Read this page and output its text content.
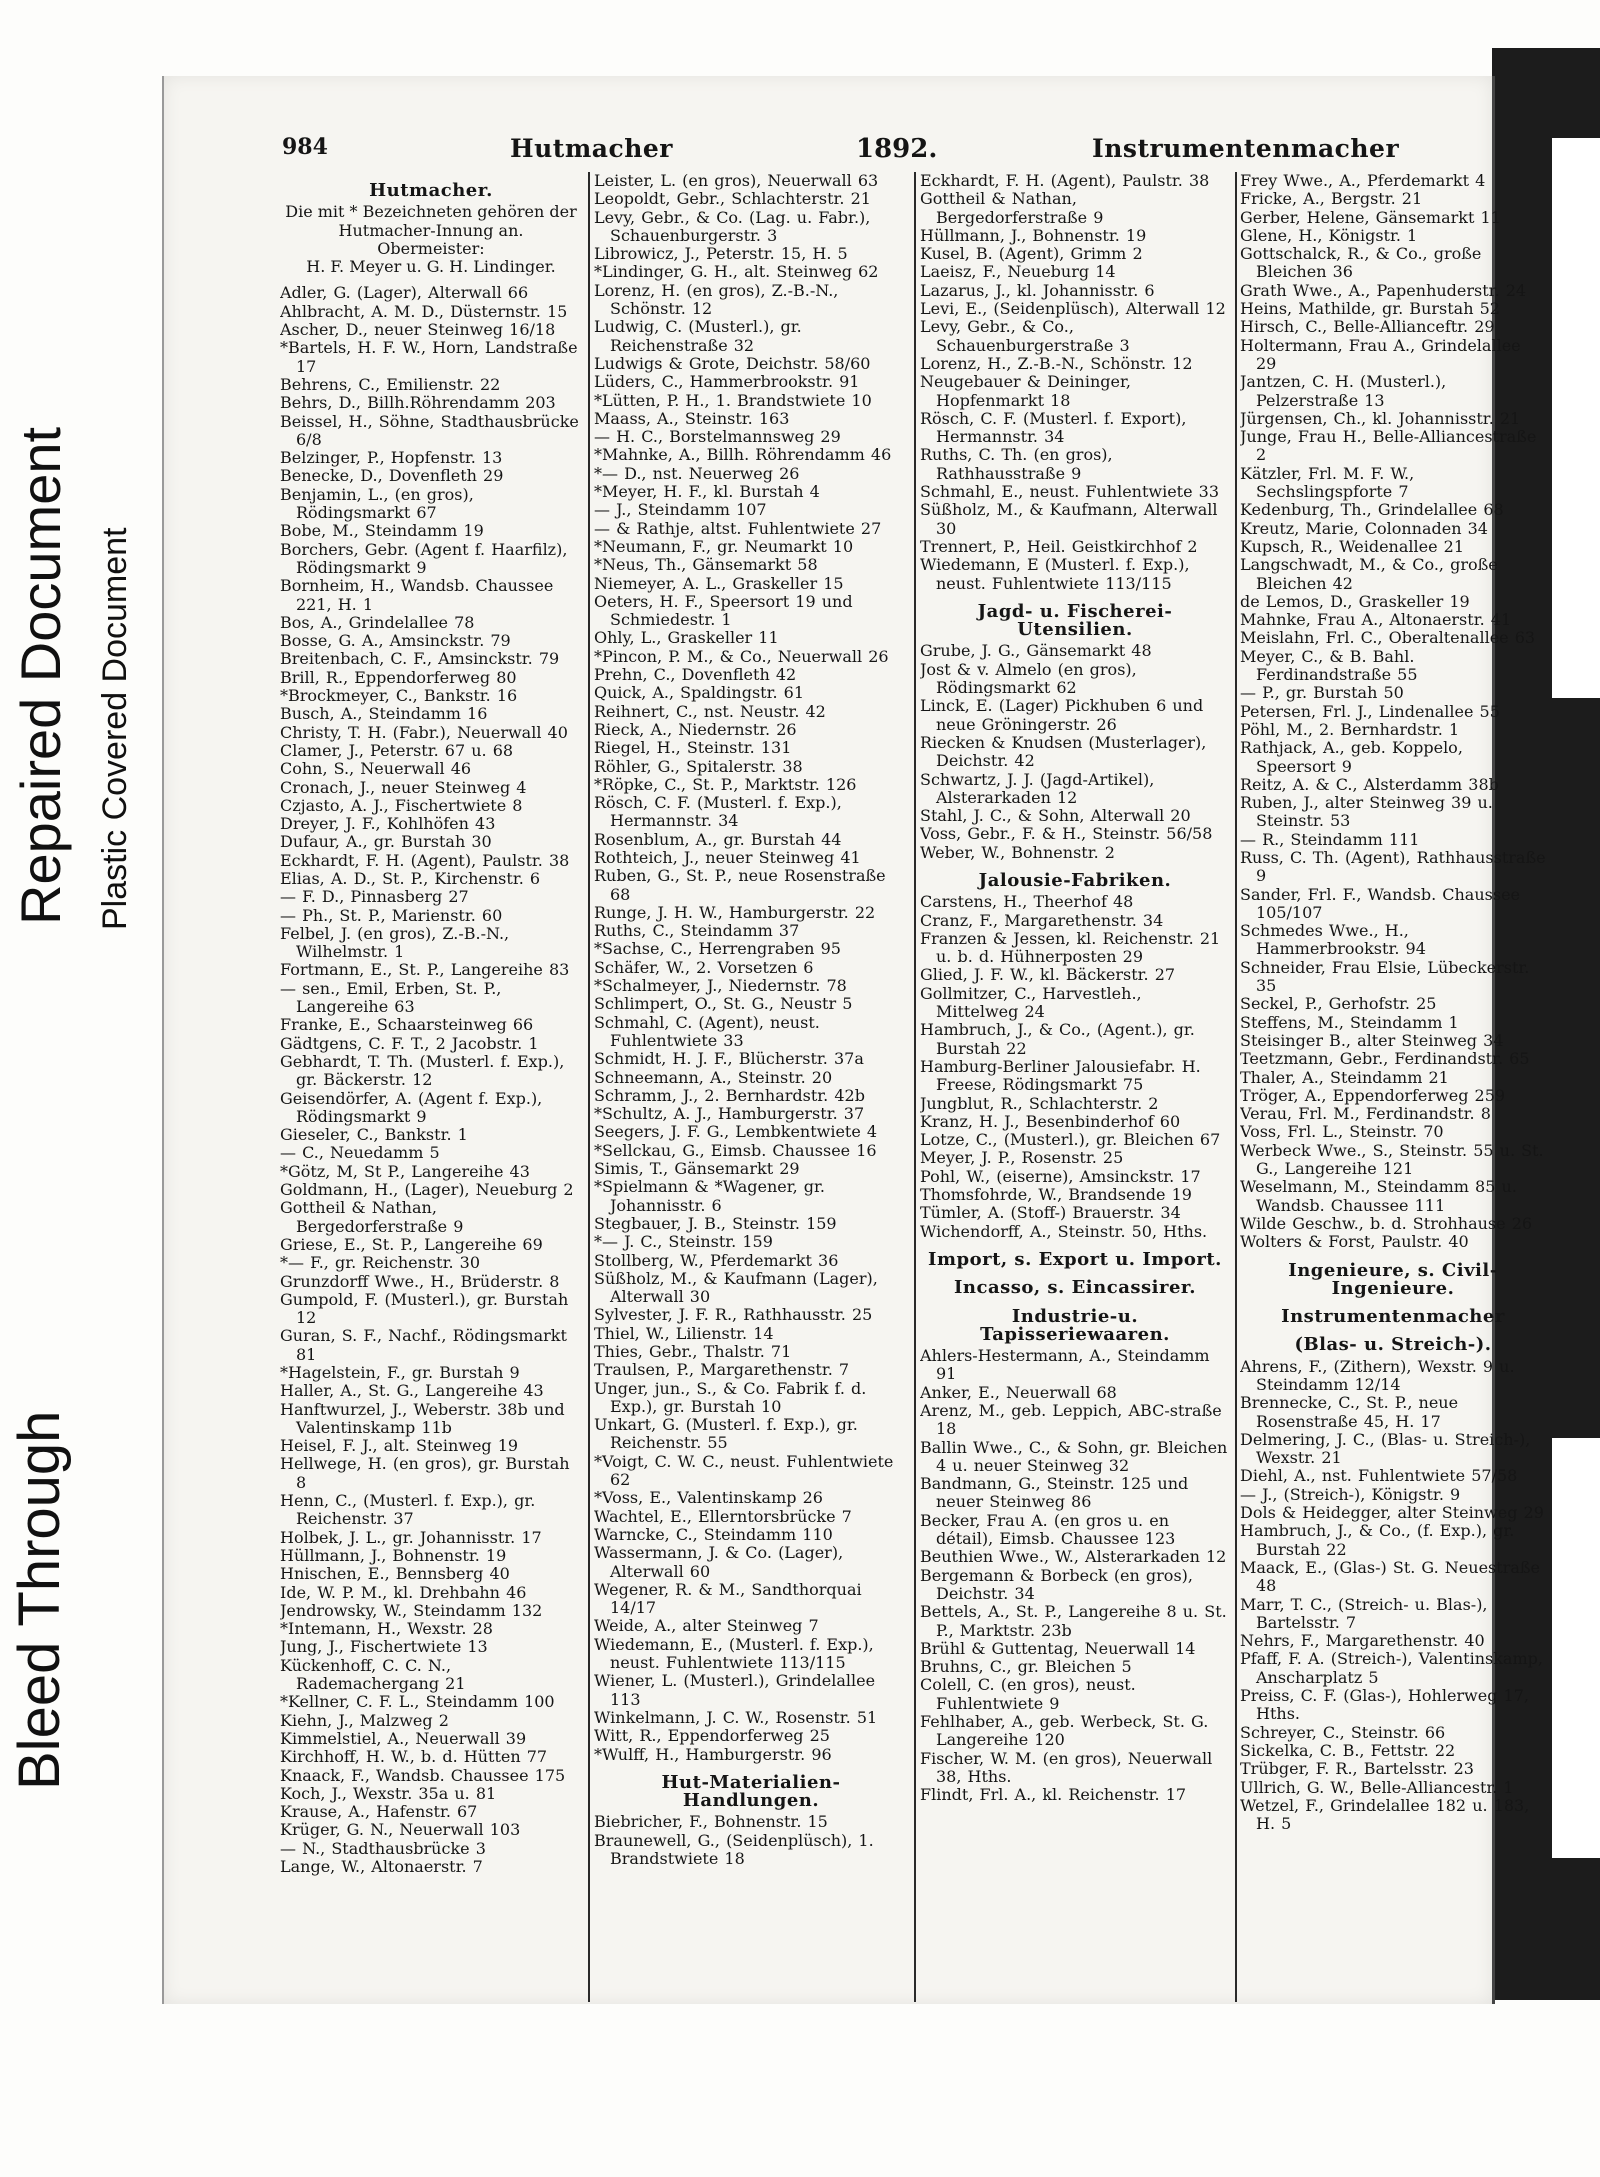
Bleed Through
Repaired Document Plastic Covered Document
984	Hutmacher	1892.	Instrumentenmacher
Hutmacher.
Die mit * Bezeichneten gehören der
Hutmacher-Innung an.
Obermeister:
H. F. Meyer u. G. H. Lindinger.
Adler, G. (Lager), Alterwall 66
Ahlbracht, A. M. D., Düsternstr. 15
Ascher, D., neuer Steinweg 16/18
*Bartels, H. F. W., Horn, Landstraße 17
Behrens, C., Emilienstr. 22
Behrs, D., Billh.Röhrendamm 203
Beissel, H., Söhne, Stadthausbrücke 6/8
Belzinger, P., Hopfenstr. 13
Benecke, D., Dovenfleth 29
Benjamin, L., (en gros), Rödingsmarkt 67
Bobe, M., Steindamm 19
Borchers, Gebr. (Agent f. Haarfilz), Rödingsmarkt 9
Bornheim, H., Wandsb. Chaussee 221, H. 1
Bos, A., Grindelallee 78
Bosse, G. A., Amsinckstr. 79
Breitenbach, C. F., Amsinckstr. 79
Brill, R., Eppendorferweg 80
*Brockmeyer, C., Bankstr. 16
Busch, A., Steindamm 16
Christy, T. H. (Fabr.), Neuerwall 40
Clamer, J., Peterstr. 67 u. 68
Cohn, S., Neuerwall 46
Cronach, J., neuer Steinweg 4
Czjasto, A. J., Fischertwiete 8
Dreyer, J. F., Kohlhöfen 43
Dufaur, A., gr. Burstah 30
Eckhardt, F. H. (Agent), Paulstr. 38
Elias, A. D., St. P., Kirchenstr. 6
— F. D., Pinnasberg 27
— Ph., St. P., Marienstr. 60
Felbel, J. (en gros), Z.-B.-N., Wilhelmstr. 1
Fortmann, E., St. P., Langereihe 83
— sen., Emil, Erben, St. P., Langereihe 63
Franke, E., Schaarsteinweg 66
Gädtgens, C. F. T., 2 Jacobstr. 1
Gebhardt, T. Th. (Musterl. f. Exp.), gr. Bäckerstr. 12
Geisendörfer, A. (Agent f. Exp.), Rödingsmarkt 9
Gieseler, C., Bankstr. 1
— C., Neuedamm 5
*Götz, M, St P., Langereihe 43
Goldmann, H., (Lager), Neueburg 2
Gottheil & Nathan, Bergedorferstraße 9
Griese, E., St. P., Langereihe 69
*— F., gr. Reichenstr. 30
Grunzdorff Wwe., H., Brüderstr. 8
Gumpold, F. (Musterl.), gr. Burstah 12
Guran, S. F., Nachf., Rödingsmarkt 81
*Hagelstein, F., gr. Burstah 9
Haller, A., St. G., Langereihe 43
Hanftwurzel, J., Weberstr. 38b und Valentinskamp 11b
Heisel, F. J., alt. Steinweg 19
Hellwege, H. (en gros), gr. Burstah 8
Henn, C., (Musterl. f. Exp.), gr. Reichenstr. 37
Holbek, J. L., gr. Johannisstr. 17
Hüllmann, J., Bohnenstr. 19
Hnischen, E., Bennsberg 40
Ide, W. P. M., kl. Drehbahn 46
Jendrowsky, W., Steindamm 132
*Intemann, H., Wexstr. 28
Jung, J., Fischertwiete 13
Kückenhoff, C. C. N., Rademachergang 21
*Kellner, C. F. L., Steindamm 100
Kiehn, J., Malzweg 2
Kimmelstiel, A., Neuerwall 39
Kirchhoff, H. W., b. d. Hütten 77
Knaack, F., Wandsb. Chaussee 175
Koch, J., Wexstr. 35a u. 81
Krause, A., Hafenstr. 67
Krüger, G. N., Neuerwall 103
— N., Stadthausbrücke 3
Lange, W., Altonaerstr. 7
Leister, L. (en gros), Neuerwall 63
Leopoldt, Gebr., Schlachterstr. 21
Levy, Gebr., & Co. (Lag. u. Fabr.), Schauenburgerstr. 3
Librowicz, J., Peterstr. 15, H. 5
*Lindinger, G. H., alt. Steinweg 62
Lorenz, H. (en gros), Z.-B.-N., Schönstr. 12
Ludwig, C. (Musterl.), gr. Reichenstraße 32
Ludwigs & Grote, Deichstr. 58/60
Lüders, C., Hammerbrookstr. 91
*Lütten, P. H., 1. Brandstwiete 10
Maass, A., Steinstr. 163
— H. C., Borstelmannsweg 29
*Mahnke, A., Billh. Röhrendamm 46
*— D., nst. Neuerweg 26
*Meyer, H. F., kl. Burstah 4
— J., Steindamm 107
— & Rathje, altst. Fuhlentwiete 27
*Neumann, F., gr. Neumarkt 10
*Neus, Th., Gänsemarkt 58
Niemeyer, A. L., Graskeller 15
Oeters, H. F., Speersort 19 und Schmiedestr. 1
Ohly, L., Graskeller 11
*Pincon, P. M., & Co., Neuerwall 26
Prehn, C., Dovenfleth 42
Quick, A., Spaldingstr. 61
Reihnert, C., nst. Neustr. 42
Rieck, A., Niedernstr. 26
Riegel, H., Steinstr. 131
Röhler, G., Spitalerstr. 38
*Röpke, C., St. P., Marktstr. 126
Rösch, C. F. (Musterl. f. Exp.), Hermannstr. 34
Rosenblum, A., gr. Burstah 44
Rothteich, J., neuer Steinweg 41
Ruben, G., St. P., neue Rosenstraße 68
Runge, J. H. W., Hamburgerstr. 22
Ruths, C., Steindamm 37
*Sachse, C., Herrengraben 95
Schäfer, W., 2. Vorsetzen 6
*Schalmeyer, J., Niedernstr. 78
Schlimpert, O., St. G., Neustr 5
Schmahl, C. (Agent), neust. Fuhlentwiete 33
Schmidt, H. J. F., Blücherstr. 37a
Schneemann, A., Steinstr. 20
Schramm, J., 2. Bernhardstr. 42b
*Schultz, A. J., Hamburgerstr. 37
Seegers, J. F. G., Lembkentwiete 4
*Sellckau, G., Eimsb. Chaussee 16
Simis, T., Gänsemarkt 29
*Spielmann & *Wagener, gr. Johannisstr. 6
Stegbauer, J. B., Steinstr. 159
*— J. C., Steinstr. 159
Stollberg, W., Pferdemarkt 36
Süßholz, M., & Kaufmann (Lager), Alterwall 30
Sylvester, J. F. R., Rathhausstr. 25
Thiel, W., Lilienstr. 14
Thies, Gebr., Thalstr. 71
Traulsen, P., Margarethenstr. 7
Unger, jun., S., & Co. Fabrik f. d. Exp.), gr. Burstah 10
Unkart, G. (Musterl. f. Exp.), gr. Reichenstr. 55
*Voigt, C. W. C., neust. Fuhlentwiete 62
*Voss, E., Valentinskamp 26
Wachtel, E., Ellerntorsbrücke 7
Warncke, C., Steindamm 110
Wassermann, J. & Co. (Lager), Alterwall 60
Wegener, R. & M., Sandthorquai 14/17
Weide, A., alter Steinweg 7
Wiedemann, E., (Musterl. f. Exp.), neust. Fuhlentwiete 113/115
Wiener, L. (Musterl.), Grindelallee 113
Winkelmann, J. C. W., Rosenstr. 51
Witt, R., Eppendorferweg 25
*Wulff, H., Hamburgerstr. 96
Hut-Materialien-Handlungen.
Biebricher, F., Bohnenstr. 15
Braunewell, G., (Seidenplüsch), 1. Brandstwiete 18
Eckhardt, F. H. (Agent), Paulstr. 38
Gottheil & Nathan, Bergedorferstraße 9
Hüllmann, J., Bohnenstr. 19
Kusel, B. (Agent), Grimm 2
Laeisz, F., Neueburg 14
Lazarus, J., kl. Johannisstr. 6
Levi, E., (Seidenplüsch), Alterwall 12
Levy, Gebr., & Co., Schauenburgerstraße 3
Lorenz, H., Z.-B.-N., Schönstr. 12
Neugebauer & Deininger, Hopfenmarkt 18
Rösch, C. F. (Musterl. f. Export), Hermannstr. 34
Ruths, C. Th. (en gros), Rathhausstraße 9
Schmahl, E., neust. Fuhlentwiete 33
Süßholz, M., & Kaufmann, Alterwall 30
Trennert, P., Heil. Geistkirchhof 2
Wiedemann, E (Musterl. f. Exp.), neust. Fuhlentwiete 113/115
Jagd- u. Fischerei-Utensilien.
Grube, J. G., Gänsemarkt 48
Jost & v. Almelo (en gros), Rödingsmarkt 62
Linck, E. (Lager) Pickhuben 6 und neue Gröningerstr. 26
Riecken & Knudsen (Musterlager), Deichstr. 42
Schwartz, J. J. (Jagd-Artikel), Alsterarkaden 12
Stahl, J. C., & Sohn, Alterwall 20
Voss, Gebr., F. & H., Steinstr. 56/58
Weber, W., Bohnenstr. 2
Jalousie-Fabriken.
Carstens, H., Theerhof 48
Cranz, F., Margarethenstr. 34
Franzen & Jessen, kl. Reichenstr. 21 u. b. d. Hühnerposten 29
Glied, J. F. W., kl. Bäckerstr. 27
Gollmitzer, C., Harvestleh., Mittelweg 24
Hambruch, J., & Co., (Agent.), gr. Burstah 22
Hamburg-Berliner Jalousiefabr. H. Freese, Rödingsmarkt 75
Jungblut, R., Schlachterstr. 2
Kranz, H. J., Besenbinderhof 60
Lotze, C., (Musterl.), gr. Bleichen 67
Meyer, J. P., Rosenstr. 25
Pohl, W., (eiserne), Amsinckstr. 17
Thomsfohrde, W., Brandsende 19
Tümler, A. (Stoff-) Brauerstr. 34
Wichendorff, A., Steinstr. 50, Hths.
Import, s. Export u. Import.
Incasso, s. Eincassirer.
Industrie-u. Tapisseriewaaren.
Ahlers-Hestermann, A., Steindamm 91
Anker, E., Neuerwall 68
Arenz, M., geb. Leppich, ABC-straße 18
Ballin Wwe., C., & Sohn, gr. Bleichen 4 u. neuer Steinweg 32
Bandmann, G., Steinstr. 125 und neuer Steinweg 86
Becker, Frau A. (en gros u. en détail), Eimsb. Chaussee 123
Beuthien Wwe., W., Alsterarkaden 12
Bergemann & Borbeck (en gros), Deichstr. 34
Bettels, A., St. P., Langereihe 8 u. St. P., Marktstr. 23b
Brühl & Guttentag, Neuerwall 14
Bruhns, C., gr. Bleichen 5
Colell, C. (en gros), neust. Fuhlentwiete 9
Fehlhaber, A., geb. Werbeck, St. G. Langereihe 120
Fischer, W. M. (en gros), Neuerwall 38, Hths.
Flindt, Frl. A., kl. Reichenstr. 17
Frey Wwe., A., Pferdemarkt 4
Fricke, A., Bergstr. 21
Gerber, Helene, Gänsemarkt 11
Glene, H., Königstr. 1
Gottschalck, R., & Co., große Bleichen 36
Grath Wwe., A., Papenhuderstr. 24
Heins, Mathilde, gr. Burstah 52
Hirsch, C., Belle-Allianceftr. 29
Holtermann, Frau A., Grindelallee 29
Jantzen, C. H. (Musterl.), Pelzerstraße 13
Jürgensen, Ch., kl. Johannisstr. 21
Junge, Frau H., Belle-Alliancestraße 2
Kätzler, Frl. M. F. W., Sechslingspforte 7
Kedenburg, Th., Grindelallee 68
Kreutz, Marie, Colonnaden 34
Kupsch, R., Weidenallee 21
Langschwadt, M., & Co., große Bleichen 42
de Lemos, D., Graskeller 19
Mahnke, Frau A., Altonaerstr. 41
Meislahn, Frl. C., Oberaltenallee 63
Meyer, C., & B. Bahl. Ferdinandstraße 55
— P., gr. Burstah 50
Petersen, Frl. J., Lindenallee 55
Pöhl, M., 2. Bernhardstr. 1
Rathjack, A., geb. Koppelo, Speersort 9
Reitz, A. & C., Alsterdamm 38b
Ruben, J., alter Steinweg 39 u. Steinstr. 53
— R., Steindamm 111
Russ, C. Th. (Agent), Rathhausstraße 9
Sander, Frl. F., Wandsb. Chaussee 105/107
Schmedes Wwe., H., Hammerbrookstr. 94
Schneider, Frau Elsie, Lübeckerstr. 35
Seckel, P., Gerhofstr. 25
Steffens, M., Steindamm 1
Steisinger B., alter Steinweg 34
Teetzmann, Gebr., Ferdinandstr. 65
Thaler, A., Steindamm 21
Tröger, A., Eppendorferweg 259
Verau, Frl. M., Ferdinandstr. 8
Voss, Frl. L., Steinstr. 70
Werbeck Wwe., S., Steinstr. 55 u. St. G., Langereihe 121
Weselmann, M., Steindamm 85 u. Wandsb. Chaussee 111
Wilde Geschw., b. d. Strohhause 26
Wolters & Forst, Paulstr. 40
Ingenieure, s. Civil-Ingenieure.
Instrumentenmacher
(Blas- u. Streich-).
Ahrens, F., (Zithern), Wexstr. 9 u. Steindamm 12/14
Brennecke, C., St. P., neue Rosenstraße 45, H. 17
Delmering, J. C., (Blas- u. Streich-), Wexstr. 21
Diehl, A., nst. Fuhlentwiete 57/58
— J., (Streich-), Königstr. 9
Dols & Heidegger, alter Steinweg 29
Hambruch, J., & Co., (f. Exp.), gr. Burstah 22
Maack, E., (Glas-) St. G. Neuestraße 48
Marr, T. C., (Streich- u. Blas-), Bartelsstr. 7
Nehrs, F., Margarethenstr. 40
Pfaff, F. A. (Streich-), Valentinskamp, Anscharplatz 5
Preiss, C. F. (Glas-), Hohlerweg 17, Hths.
Schreyer, C., Steinstr. 66
Sickelka, C. B., Fettstr. 22
Trübger, F. R., Bartelsstr. 23
Ullrich, G. W., Belle-Alliancestr. 1
Wetzel, F., Grindelallee 182 u. 183, H. 5
